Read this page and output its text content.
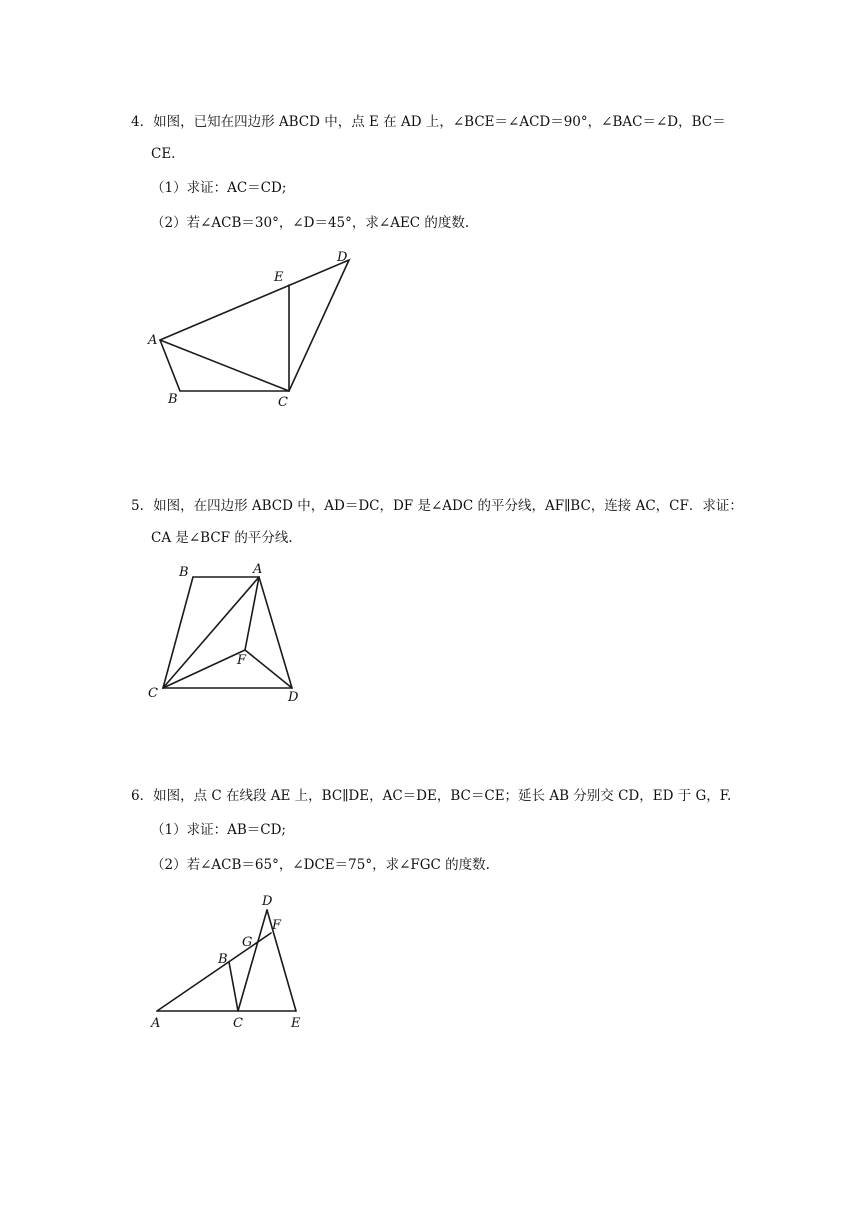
4．如图，已知在四边形 ABCD 中，点 E 在 AD 上，∠BCE＝∠ACD＝90°，∠BAC＝∠D，BC＝
CE.
（1）求证：AC＝CD;
（2）若∠ACB＝30°，∠D＝45°，求∠AEC 的度数.
A
B	C
D
E
5．如图，在四边形 ABCD 中，AD＝DC，DF 是∠ADC 的平分线，AF∥BC，连接 AC，CF．求证：
CA 是∠BCF 的平分线.
B	A
F
C	D
6．如图，点 C 在线段 AE 上，BC∥DE，AC＝DE，BC＝CE；延长 AB 分别交 CD，ED 于 G，F.
（1）求证：AB＝CD;
（2）若∠ACB＝65°，∠DCE＝75°，求∠FGC 的度数.
D
F
G
B
A	C	E
